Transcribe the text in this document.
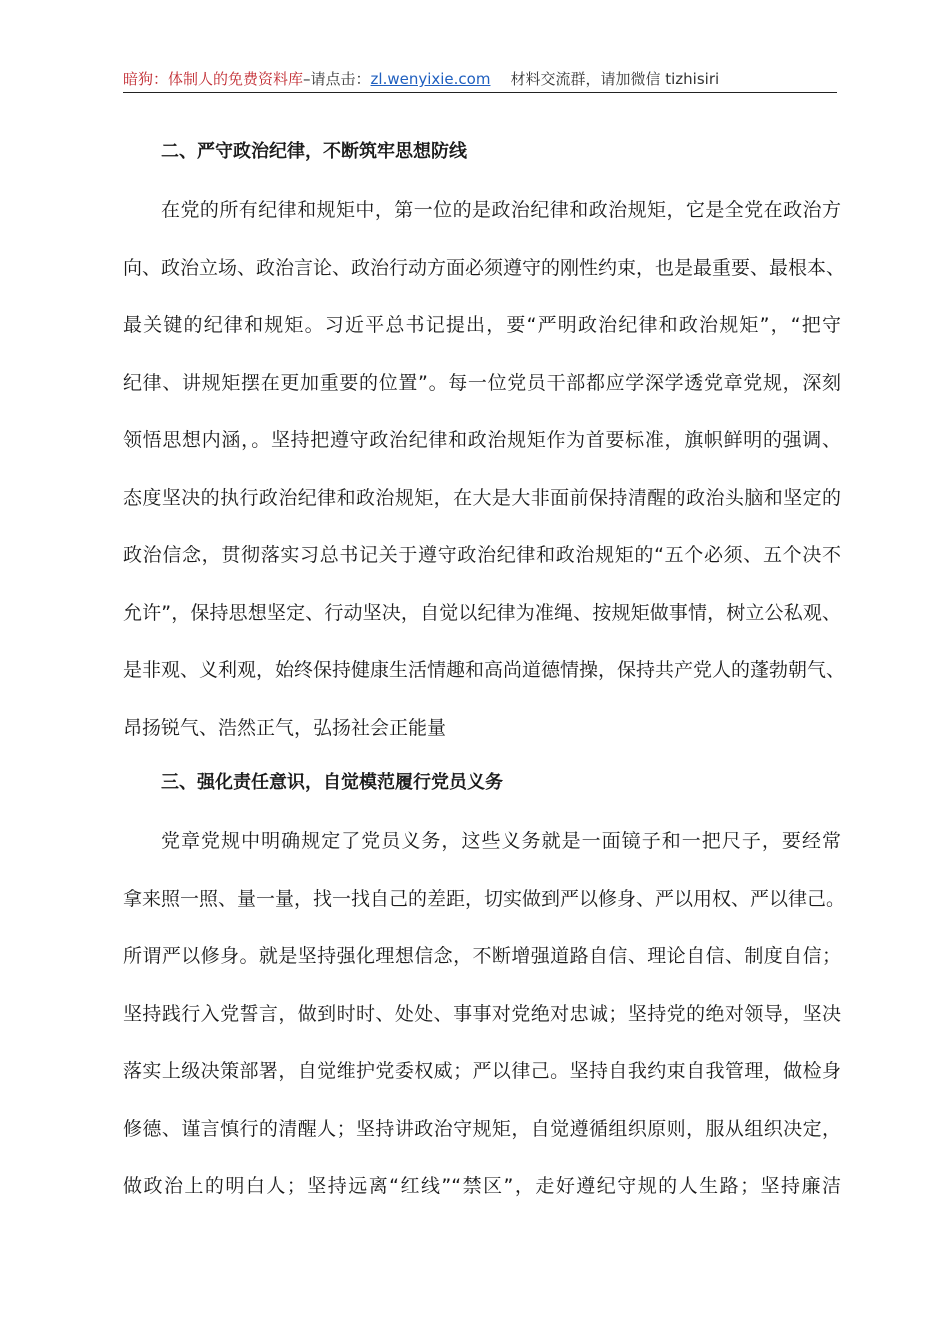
暗狗：体制人的免费资料库–请点击：zl.wenyixie.com 材料交流群，请加微信 tizhisiri
二、严守政治纪律，不断筑牢思想防线
在党的所有纪律和规矩中，第一位的是政治纪律和政治规矩，它是全党在政治方
向、政治立场、政治言论、政治行动方面必须遵守的刚性约束，也是最重要、最根本、
最关键的纪律和规矩。习近平总书记提出，要“严明政治纪律和政治规矩”，“把守
纪律、讲规矩摆在更加重要的位置”。每一位党员干部都应学深学透党章党规，深刻
领悟思想内涵，。坚持把遵守政治纪律和政治规矩作为首要标准，旗帜鲜明的强调、
态度坚决的执行政治纪律和政治规矩，在大是大非面前保持清醒的政治头脑和坚定的
政治信念，贯彻落实习总书记关于遵守政治纪律和政治规矩的“五个必须、五个决不
允许”，保持思想坚定、行动坚决，自觉以纪律为准绳、按规矩做事情，树立公私观、
是非观、义利观，始终保持健康生活情趣和高尚道德情操，保持共产党人的蓬勃朝气、
昂扬锐气、浩然正气，弘扬社会正能量
三、强化责任意识，自觉模范履行党员义务
党章党规中明确规定了党员义务，这些义务就是一面镜子和一把尺子，要经常
拿来照一照、量一量，找一找自己的差距，切实做到严以修身、严以用权、严以律己。
所谓严以修身。就是坚持强化理想信念，不断增强道路自信、理论自信、制度自信；
坚持践行入党誓言，做到时时、处处、事事对党绝对忠诚；坚持党的绝对领导，坚决
落实上级决策部署，自觉维护党委权威；严以律己。坚持自我约束自我管理，做检身
修德、谨言慎行的清醒人；坚持讲政治守规矩，自觉遵循组织原则，服从组织决定，
做政治上的明白人；坚持远离“红线”“禁区”，走好遵纪守规的人生路；坚持廉洁
